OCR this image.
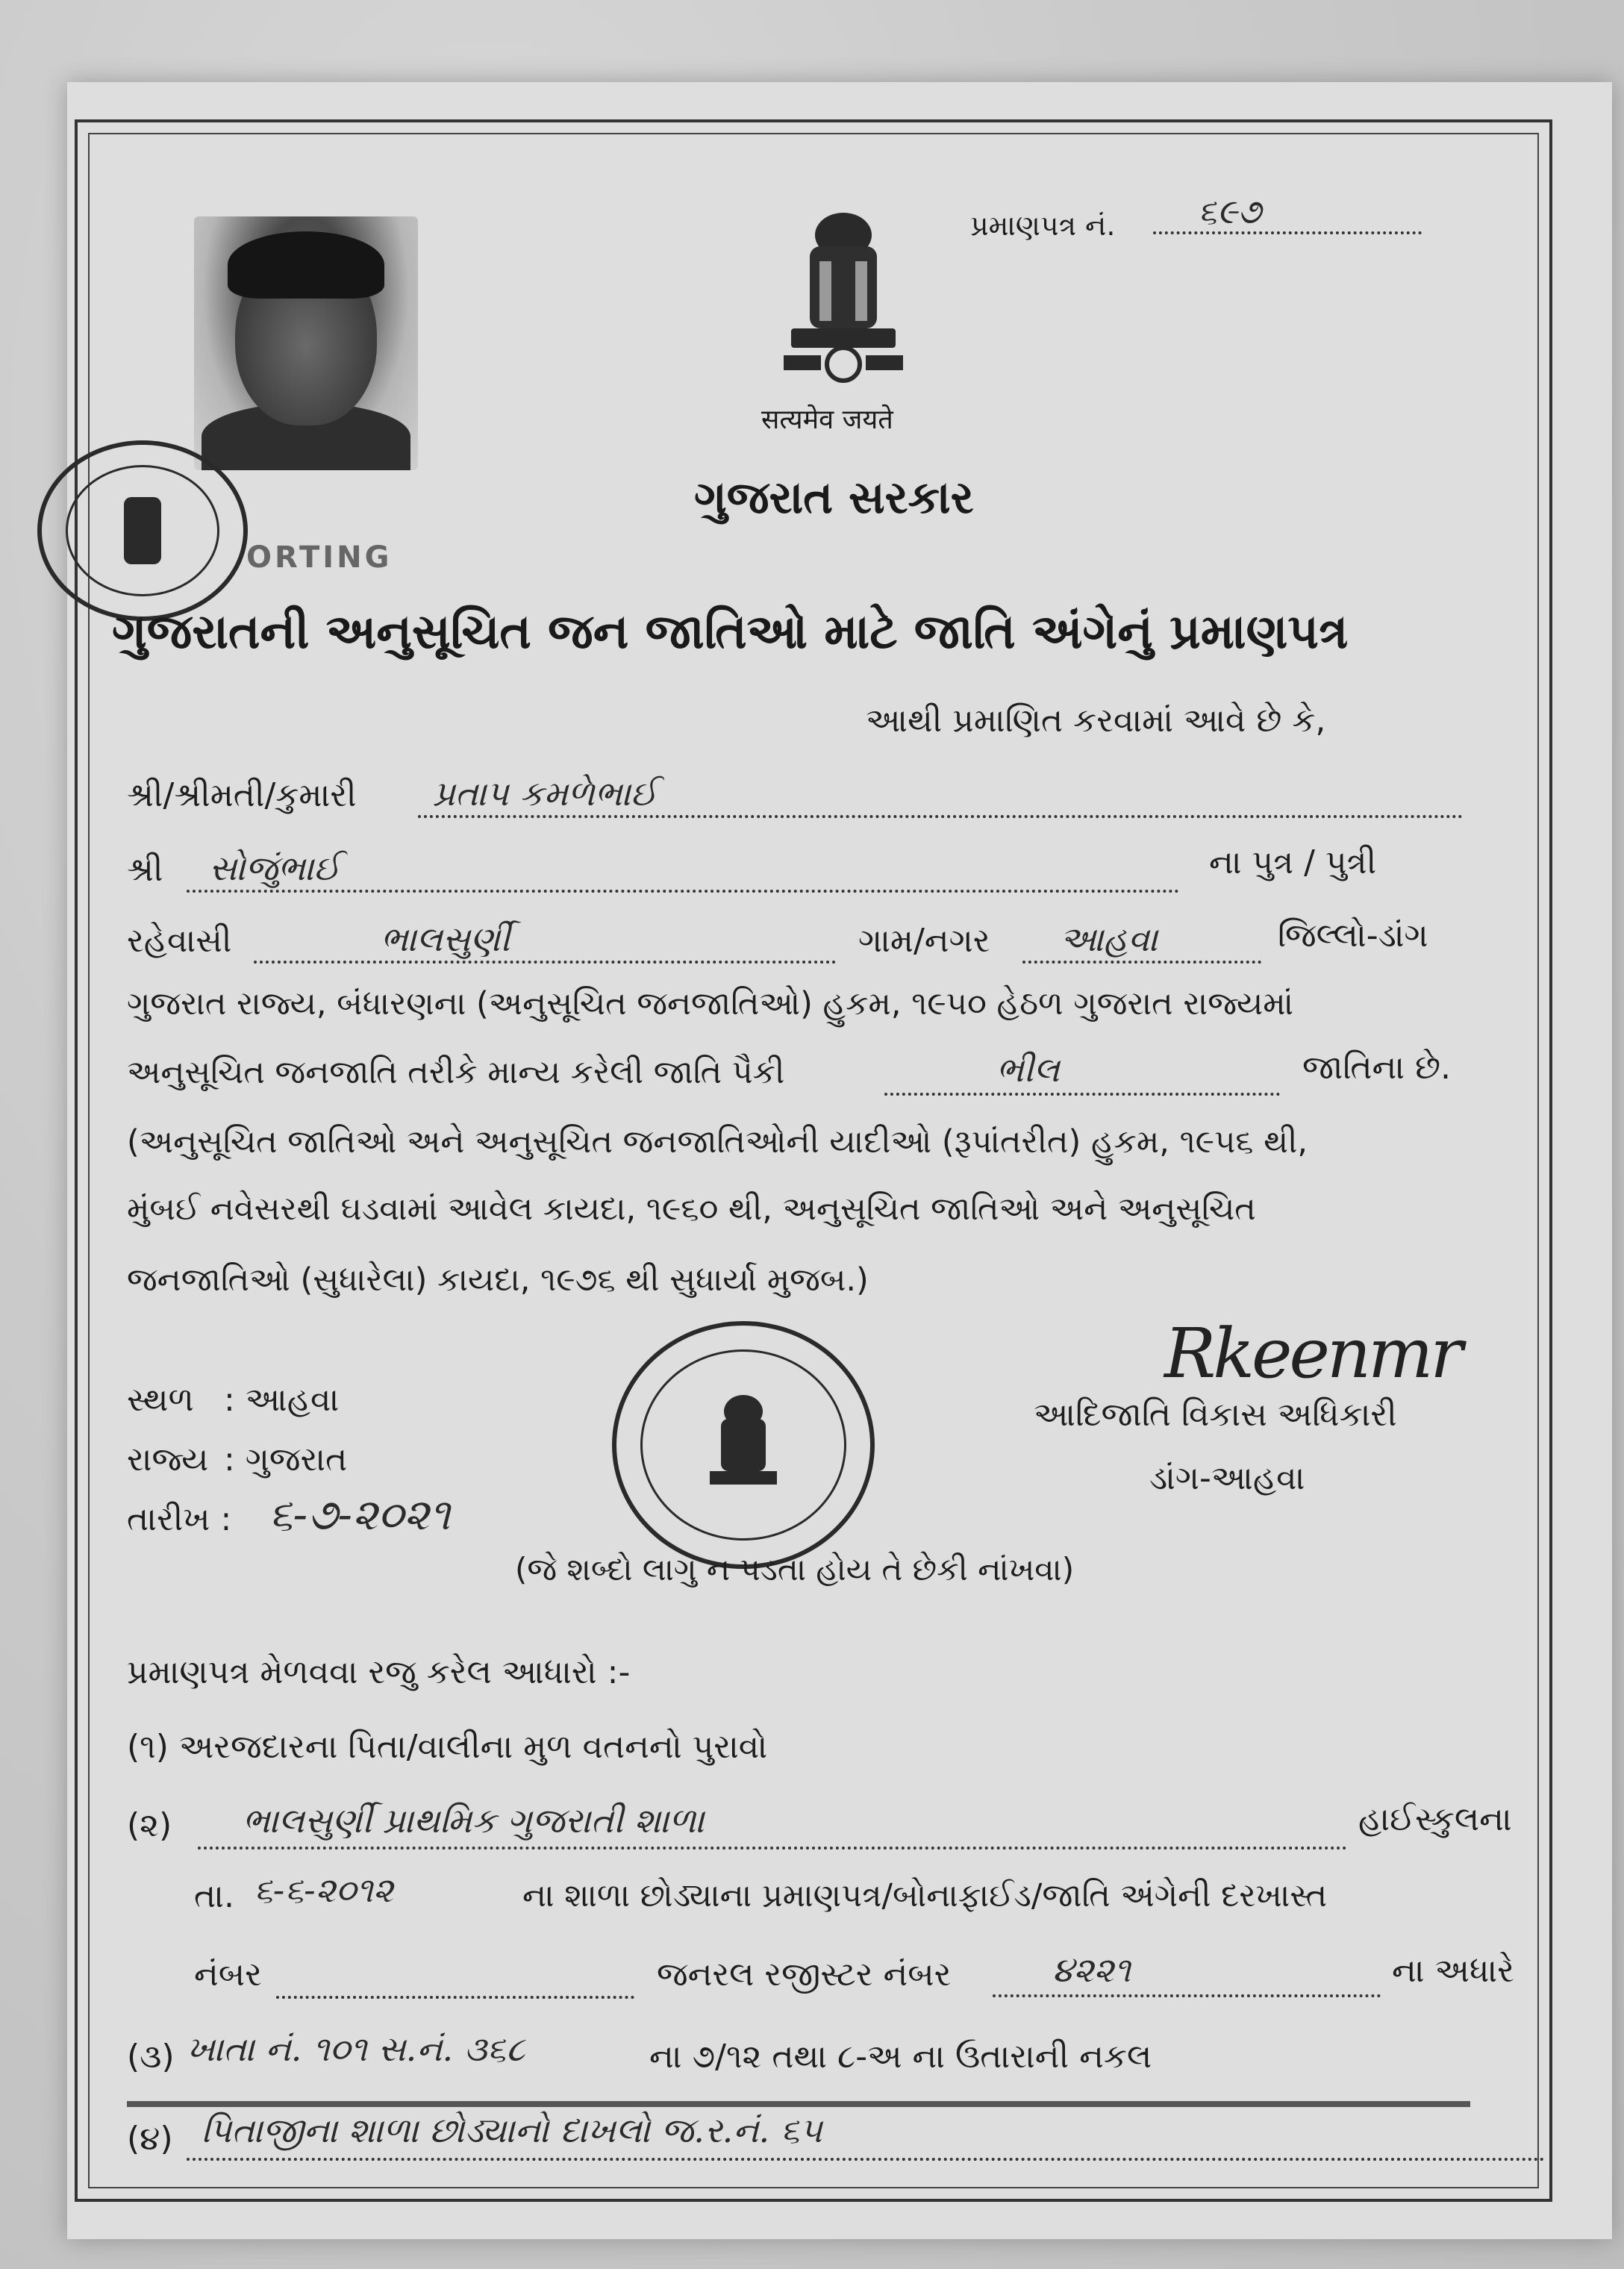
ORTING
सत्यमेव जयते
પ્રમાણપત્ર નં. ૬૯૭
ગુજરાત સરકાર
ગુજરાતની અનુસૂચિત જન જાતિઓ માટે જાતિ અંગેનું પ્રમાણપત્ર
આથી પ્રમાણિત કરવામાં આવે છે કે,
શ્રી/શ્રીમતી/કુમારી પ્રતાપ કમળેભાઈ
શ્રી સોજુંભાઈ	ના પુત્ર / પુત્રી
રહેવાસી	ભાલસુર્ણી	ગામ/નગર આહવા	જિલ્લો-ડાંગ
ગુજરાત રાજ્ય, બંધારણના (અનુસૂચિત જનજાતિઓ) હુકમ, ૧૯૫૦ હેઠળ ગુજરાત રાજ્યમાં
અનુસૂચિત જનજાતિ તરીકે માન્ય કરેલી જાતિ પૈકી	ભીલ	જાતિના છે.
(અનુસૂચિત જાતિઓ અને અનુસૂચિત જનજાતિઓની યાદીઓ (રૂપાંતરીત) હુકમ, ૧૯૫૬ થી,
મુંબઈ નવેસરથી ઘડવામાં આવેલ કાયદા, ૧૯૬૦ થી, અનુસૂચિત જાતિઓ અને અનુસૂચિત
જનજાતિઓ (સુધારેલા) કાયદા, ૧૯૭૬ થી સુધાર્યા મુજબ.)
Rkeenmr
આદિજાતિ વિકાસ અધિકારી
ડાંગ-આહવા
સ્થળ : આહવા
રાજ્ય : ગુજરાત
તારીખ : ૬-૭-૨૦૨૧
(જે શબ્દો લાગુ ન પડતા હોય તે છેકી નાંખવા)
પ્રમાણપત્ર મેળવવા રજુ કરેલ આધારો :-
(૧) અરજદારના પિતા/વાલીના મુળ વતનનો પુરાવો
(૨) ભાલસુર્ણી પ્રાથમિક ગુજરાતી શાળા	હાઈસ્કુલના
તા. ૬-૬-૨૦૧૨	ના શાળા છોડ્યાના પ્રમાણપત્ર/બોનાફાઈડ/જાતિ અંગેની દરખાસ્ત
નંબર	જનરલ રજીસ્ટર નંબર	૪૨૨૧	ના અધારે
(૩) ખાતા નં. ૧૦૧ સ.નં. ૩૬૮	ના ૭/૧૨ તથા ૮-અ ના ઉતારાની નકલ
(૪) પિતાજીના શાળા છોડ્યાનો દાખલો જ.ર.નં. ૬૫
